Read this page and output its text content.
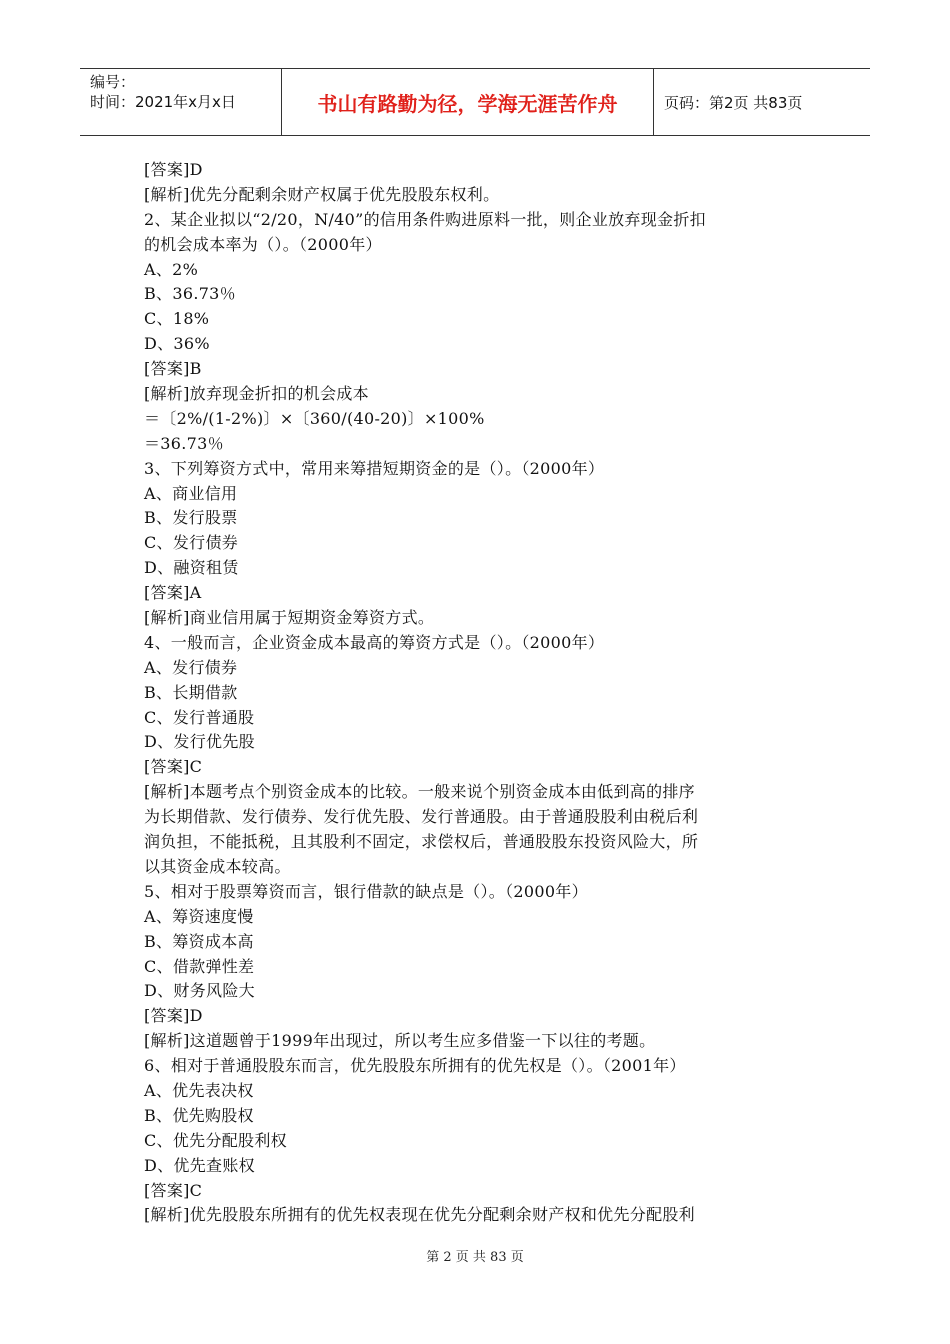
编号：
时间：2021年x月x日	书山有路勤为径，学海无涯苦作舟	页码：第2页 共83页
[答案]D
[解析]优先分配剩余财产权属于优先股股东权利。
2、某企业拟以“2/20，N/40”的信用条件购进原料一批，则企业放弃现金折扣
的机会成本率为（）。（2000年）
A、2%
B、36.73％
C、18%
D、36%
[答案]B
[解析]放弃现金折扣的机会成本
＝〔2%/(1-2%)〕×〔360/(40-20)〕×100%
＝36.73％
3、下列筹资方式中，常用来筹措短期资金的是（）。（2000年）
A、商业信用
B、发行股票
C、发行债券
D、融资租赁
[答案]A
[解析]商业信用属于短期资金筹资方式。
4、一般而言，企业资金成本最高的筹资方式是（）。（2000年）
A、发行债券
B、长期借款
C、发行普通股
D、发行优先股
[答案]C
[解析]本题考点个别资金成本的比较。一般来说个别资金成本由低到高的排序
为长期借款、发行债券、发行优先股、发行普通股。由于普通股股利由税后利
润负担，不能抵税，且其股利不固定，求偿权后，普通股股东投资风险大，所
以其资金成本较高。
5、相对于股票筹资而言，银行借款的缺点是（）。（2000年）
A、筹资速度慢
B、筹资成本高
C、借款弹性差
D、财务风险大
[答案]D
[解析]这道题曾于1999年出现过，所以考生应多借鉴一下以往的考题。
6、相对于普通股股东而言，优先股股东所拥有的优先权是（）。（2001年）
A、优先表决权
B、优先购股权
C、优先分配股利权
D、优先查账权
[答案]C
[解析]优先股股东所拥有的优先权表现在优先分配剩余财产权和优先分配股利
第 2 页 共 83 页
